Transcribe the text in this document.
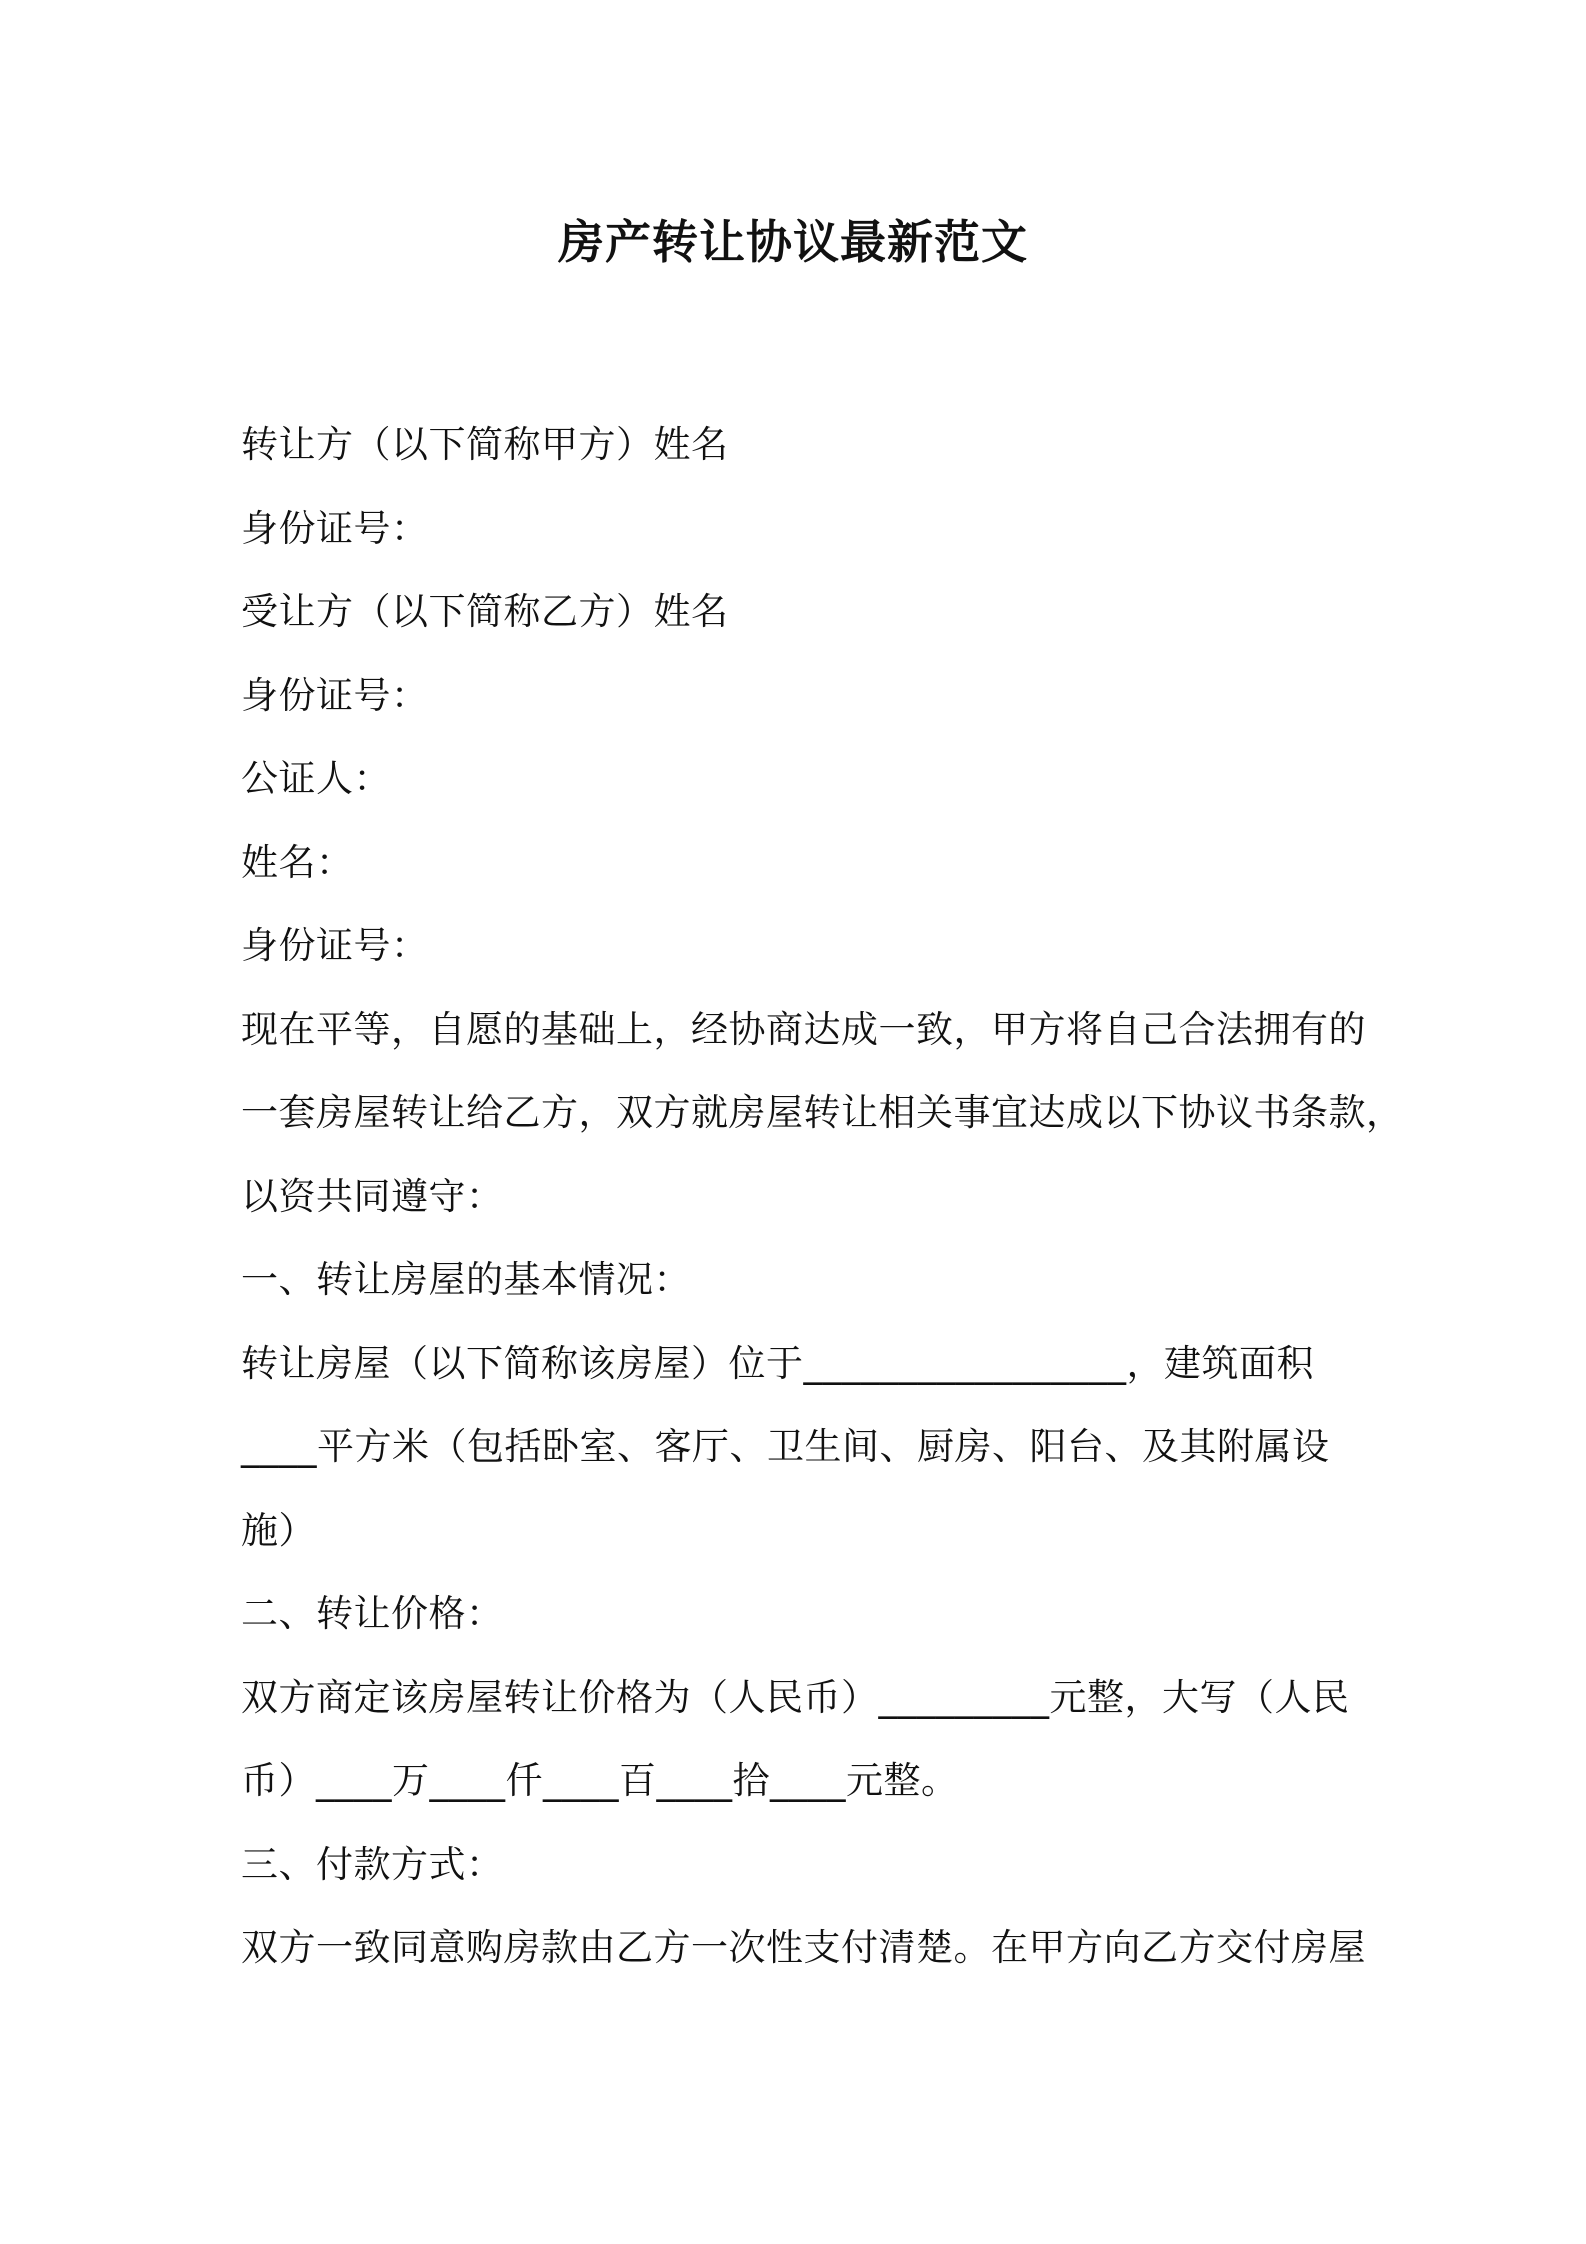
房产转让协议最新范文
转让方（以下简称甲方）姓名
身份证号：
受让方（以下简称乙方）姓名
身份证号：
公证人：
姓名：
身份证号：
现在平等，自愿的基础上，经协商达成一致，甲方将自己合法拥有的
一套房屋转让给乙方，双方就房屋转让相关事宜达成以下协议书条款，
以资共同遵守：
一、转让房屋的基本情况：
转让房屋（以下简称该房屋）位于_________________，建筑面积
____平方米（包括卧室、客厅、卫生间、厨房、阳台、及其附属设
施）
二、转让价格：
双方商定该房屋转让价格为（人民币）_________元整，大写（人民
币）____万____仟____百____拾____元整。
三、付款方式：
双方一致同意购房款由乙方一次性支付清楚。在甲方向乙方交付房屋
